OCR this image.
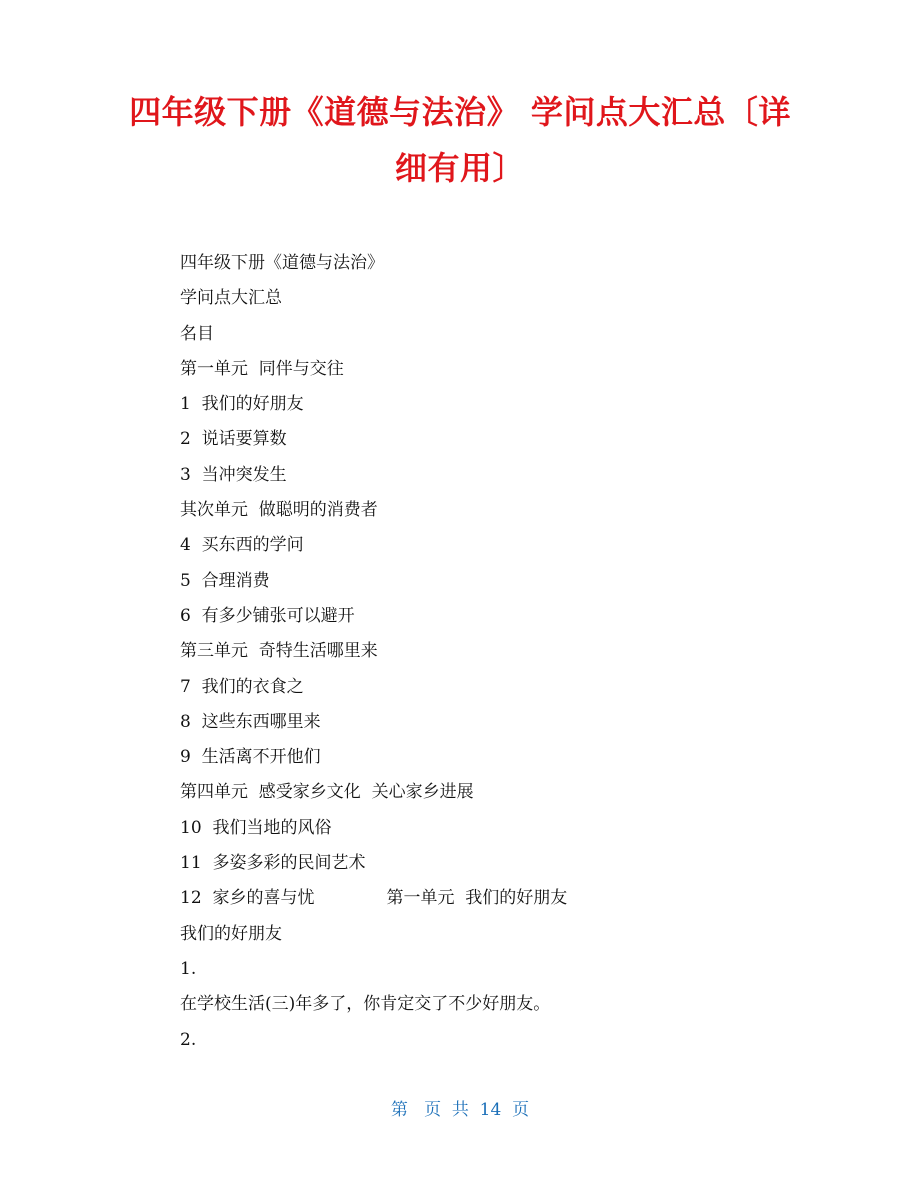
四年级下册《道德与法治》 学问点大汇总〔详
细有用〕
四年级下册《道德与法治》
学问点大汇总
名目
第一单元  同伴与交往
1  我们的好朋友
2  说话要算数
3  当冲突发生
其次单元  做聪明的消费者
4  买东西的学问
5  合理消费
6  有多少铺张可以避开
第三单元  奇特生活哪里来
7  我们的衣食之
8  这些东西哪里来
9  生活离不开他们
第四单元  感受家乡文化  关心家乡进展
10  我们当地的风俗
11  多姿多彩的民间艺术
12  家乡的喜与忧	第一单元  我们的好朋友
我们的好朋友
1.
在学校生活(三)年多了，你肯定交了不少好朋友。
2.
第   页  共  14  页
